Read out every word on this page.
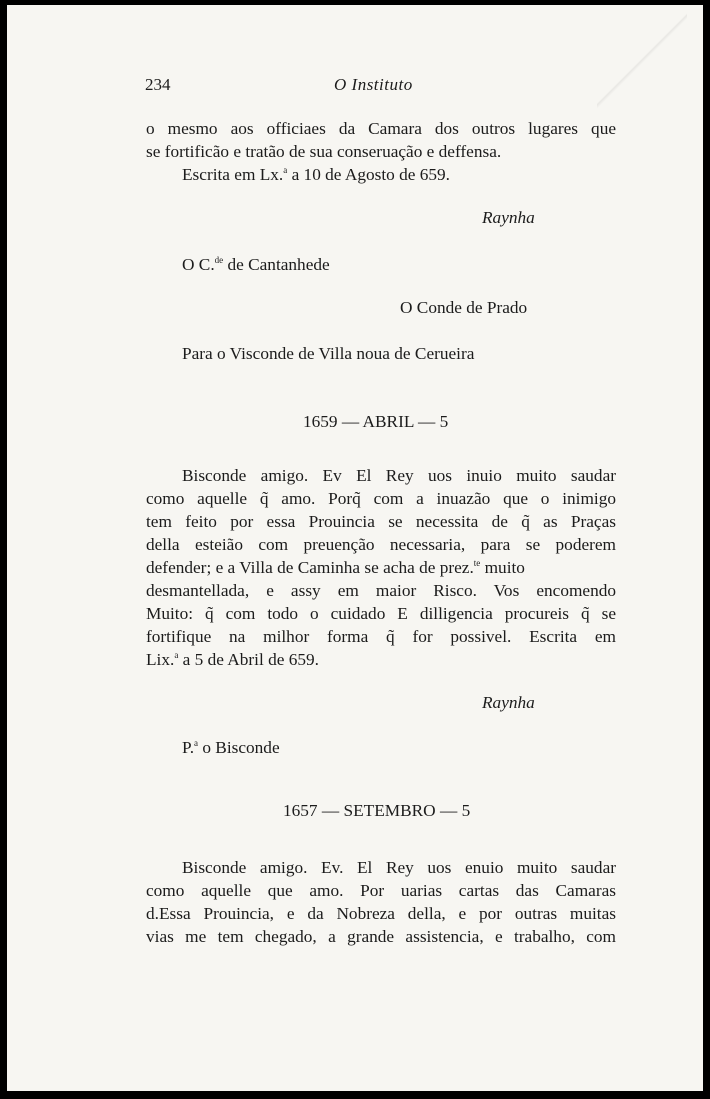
234	O Instituto
o mesmo aos officiaes da Camara dos outros lugares que
se fortificão e tratão de sua conseruação e deffensa.
Escrita em Lx.$^a$ a 10 de Agosto de 659.
Raynha
O C.$^{de}$ de Cantanhede
O Conde de Prado
Para o Visconde de Villa noua de Cerueira
1659 — ABRIL — 5
Bisconde amigo. Ev El Rey uos inuio muito saudar
como aquelle q̃ amo. Porq̃ com a inuazão que o inimigo
tem feito por essa Prouincia se necessita de q̃ as Praças
della esteião com preuenção necessaria, para se poderem
defender; e a Villa de Caminha se acha de prez.$^{te}$ muito
desmantellada, e assy em maior Risco. Vos encomendo
Muito: q̃ com todo o cuidado E dilligencia procureis q̃ se
fortifique na milhor forma q̃ for possivel. Escrita em
Lix.$^a$ a 5 de Abril de 659.
Raynha
P.$^a$ o Bisconde
1657 — SETEMBRO — 5
Bisconde amigo. Ev. El Rey uos enuio muito saudar
como aquelle que amo. Por uarias cartas das Camaras
d.Essa Prouincia, e da Nobreza della, e por outras muitas
vias me tem chegado, a grande assistencia, e trabalho, com
